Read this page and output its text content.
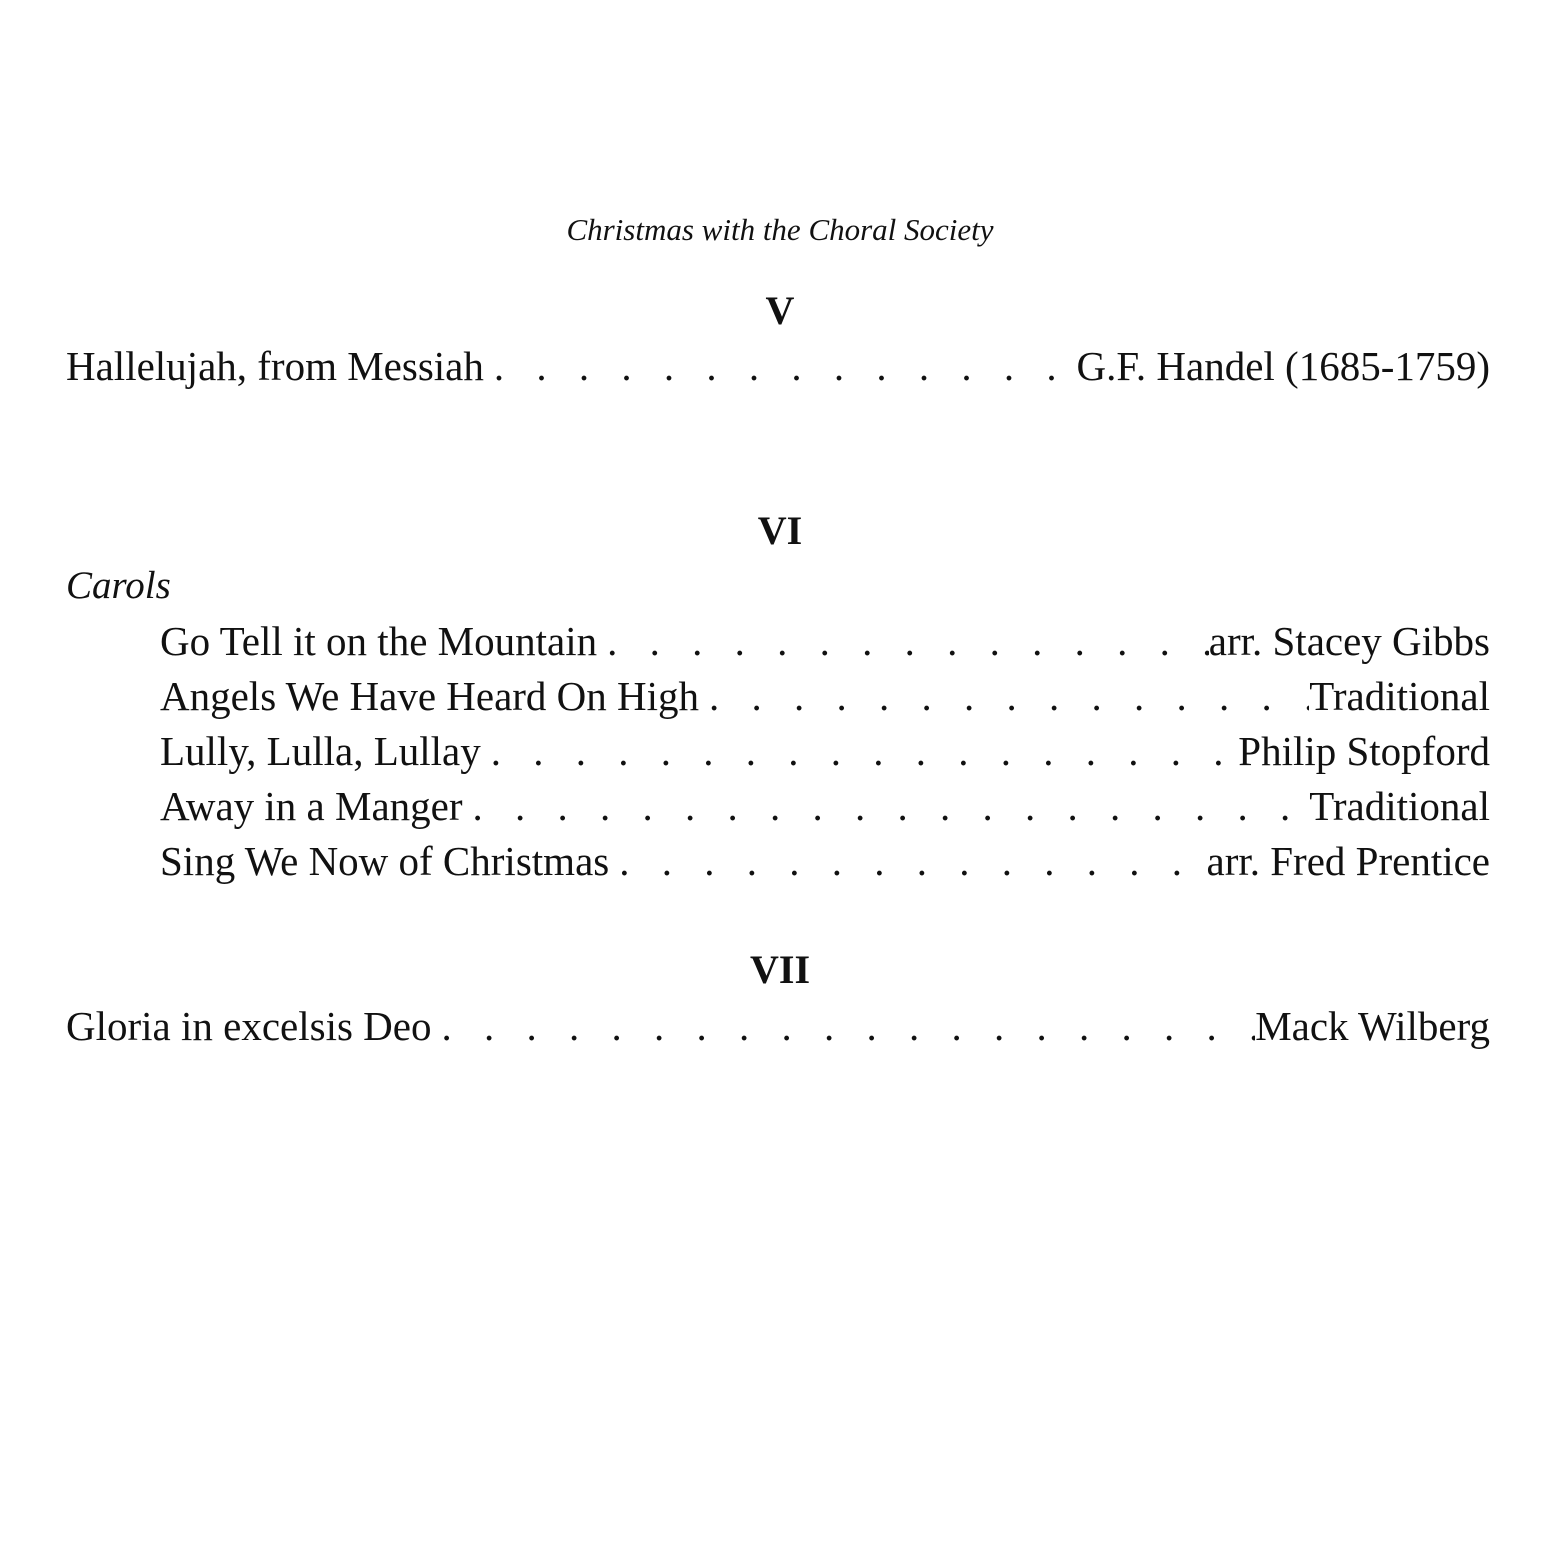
Christmas with the Choral Society
V
Hallelujah, from Messiah . . .	G.F. Handel (1685-1759)
VI
Carols
Go Tell it on the Mountain . . .	arr. Stacey Gibbs
Angels We Have Heard On High . . .	Traditional
Lully, Lulla, Lullay . . .	Philip Stopford
Away in a Manger . . .	Traditional
Sing We Now of Christmas . . .	arr. Fred Prentice
VII
Gloria in excelsis Deo . . .	Mack Wilberg
